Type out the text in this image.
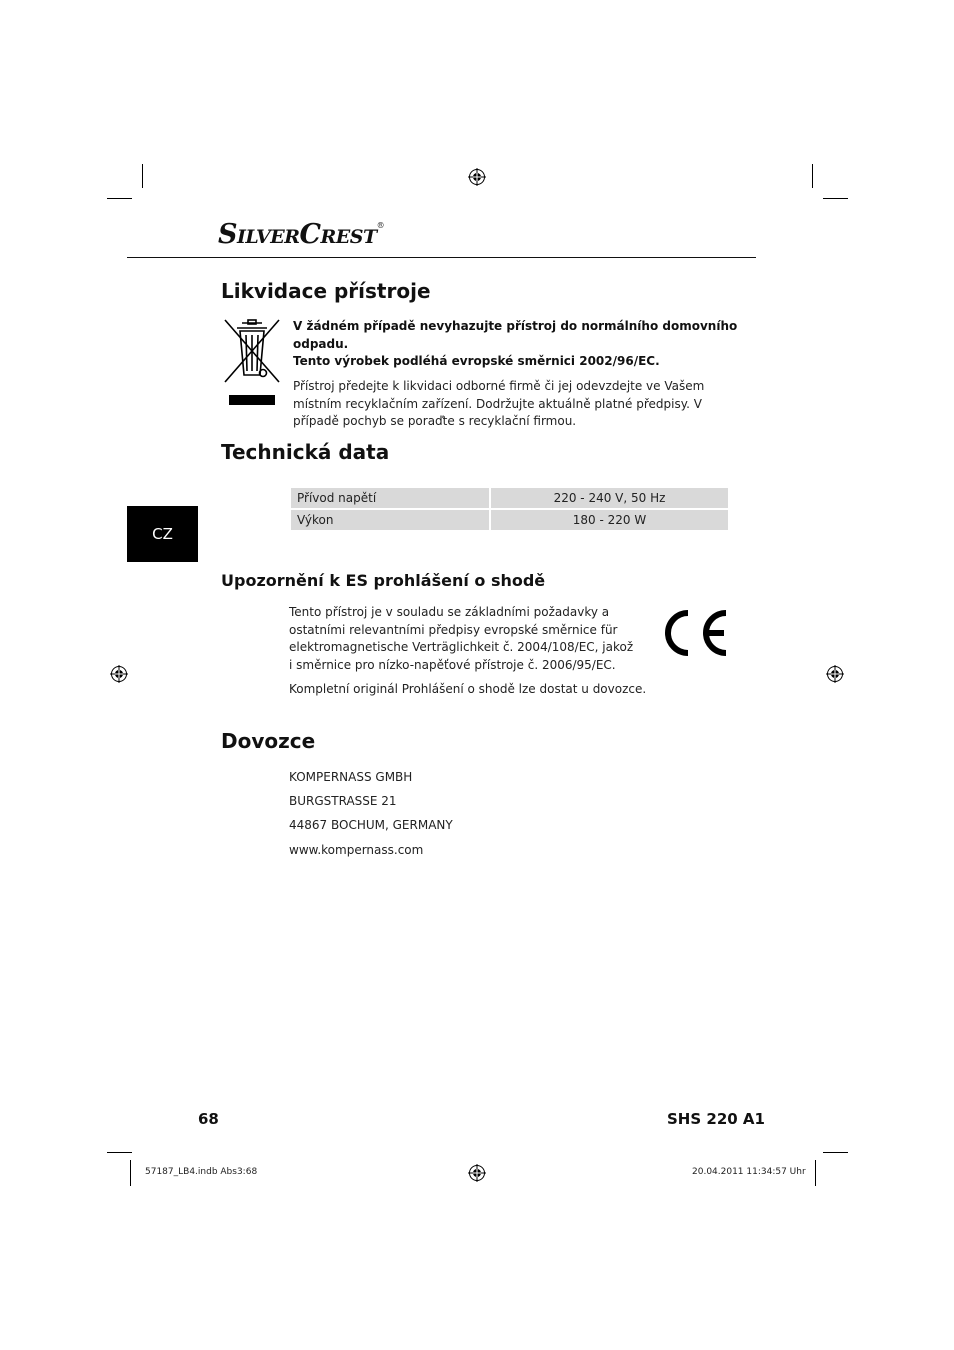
SILVERCREST®
Likvidace přístroje
V žádném případě nevyhazujte přístroj do normálního domovního odpadu.
Tento výrobek podléhá evropské směrnici 2002/96/EC.
Přístroj předejte k likvidaci odborné firmě či jej odevzdejte ve Vašem místním recyklačním zařízení. Dodržujte aktuálně platné předpisy. V případě pochyb se poraďte s recyklační firmou.
Technická data
Přívod napětí	220 - 240 V, 50 Hz
Výkon	180 - 220 W
CZ
Upozornění k ES prohlášení o shodě
Tento přístroj je v souladu se základními požadavky a ostatními relevantními předpisy evropské směrnice für elektromagnetische Verträglichkeit č. 2004/108/EC, jakož i směrnice pro nízko-napěťové přístroje č. 2006/95/EC.
Kompletní originál Prohlášení o shodě lze dostat u dovozce.
Dovozce
KOMPERNASS GMBH
BURGSTRASSE 21
44867 BOCHUM, GERMANY
www.kompernass.com
68	SHS 220 A1
57187_LB4.indb Abs3:68	20.04.2011 11:34:57 Uhr
